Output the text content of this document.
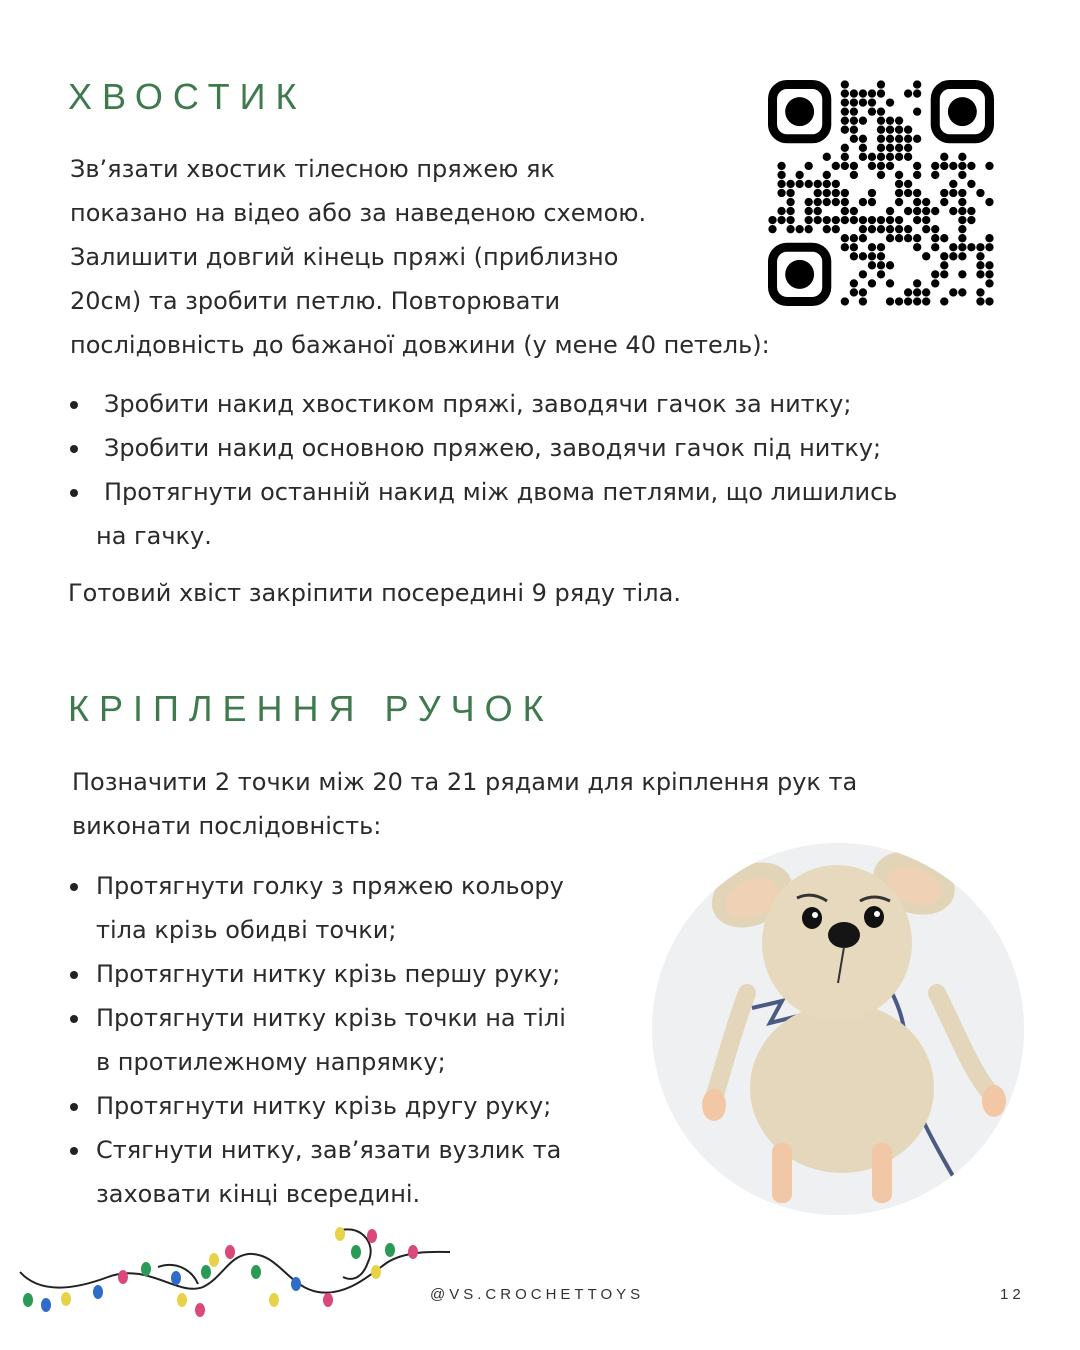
ХВОСТИК

Зв’язати хвостик тілесною пряжею як
показано на відео або за наведеною схемою.
Залишити довгий кінець пряжі (приблизно
20см) та зробити петлю. Повторювати
послідовність до бажаної довжини (у мене 40 петель):

Зробити накид хвостиком пряжі, заводячи гачок за нитку;
Зробити накид основною пряжею, заводячи гачок під нитку;
Протягнути останній накид між двома петлями, що лишились
на гачку.

Готовий хвіст закріпити посередині 9 ряду тіла.

КРІПЛЕННЯ РУЧОК

Позначити 2 точки між 20 та 21 рядами для кріплення рук та
виконати послідовність:

Протягнути голку з пряжею кольору
тіла крізь обидві точки;
Протягнути нитку крізь першу руку;
Протягнути нитку крізь точки на тілі
в протилежному напрямку;
Протягнути нитку крізь другу руку;
Стягнути нитку, зав’язати вузлик та
заховати кінці всередині.

@VS.CROCHETTOYS	12
